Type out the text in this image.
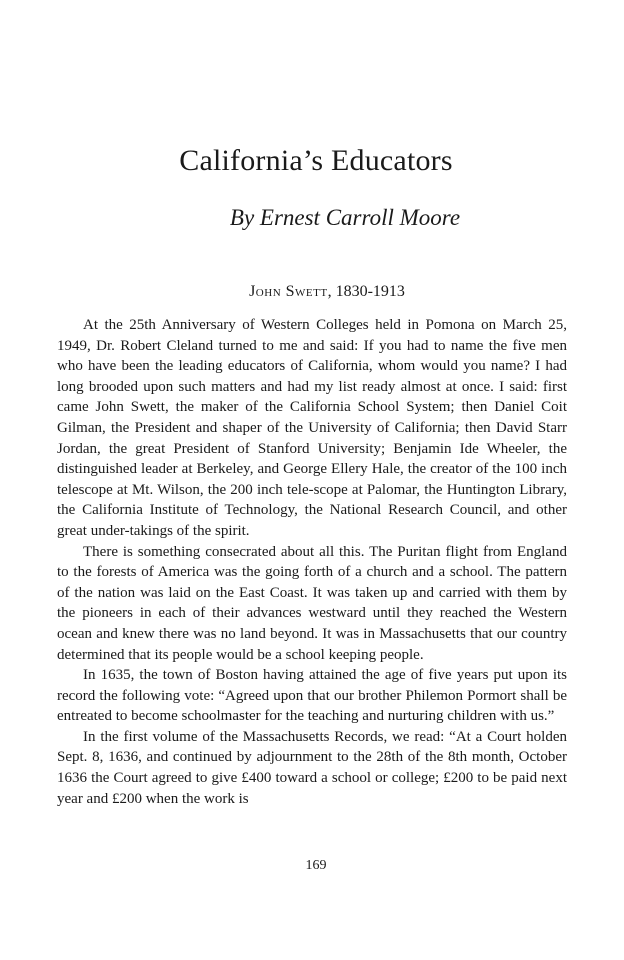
California’s Educators
By Ernest Carroll Moore
John Swett, 1830-1913

At the 25th Anniversary of Western Colleges held in Pomona on March 25, 1949, Dr. Robert Cleland turned to me and said: If you had to name the five men who have been the leading educators of California, whom would you name? I had long brooded upon such matters and had my list ready almost at once. I said: first came John Swett, the maker of the California School System; then Daniel Coit Gilman, the President and shaper of the University of California; then David Starr Jordan, the great President of Stanford University; Benjamin Ide Wheeler, the distinguished leader at Berkeley, and George Ellery Hale, the creator of the 100 inch telescope at Mt. Wilson, the 200 inch tele-scope at Palomar, the Huntington Library, the California Institute of Technology, the National Research Council, and other great under-takings of the spirit.

There is something consecrated about all this. The Puritan flight from England to the forests of America was the going forth of a church and a school. The pattern of the nation was laid on the East Coast. It was taken up and carried with them by the pioneers in each of their advances westward until they reached the Western ocean and knew there was no land beyond. It was in Massachusetts that our country determined that its people would be a school keeping people.

In 1635, the town of Boston having attained the age of five years put upon its record the following vote: “Agreed upon that our brother Philemon Pormort shall be entreated to become schoolmaster for the teaching and nurturing children with us.”

In the first volume of the Massachusetts Records, we read: “At a Court holden Sept. 8, 1636, and continued by adjournment to the 28th of the 8th month, October 1636 the Court agreed to give £400 toward a school or college; £200 to be paid next year and £200 when the work is

169
